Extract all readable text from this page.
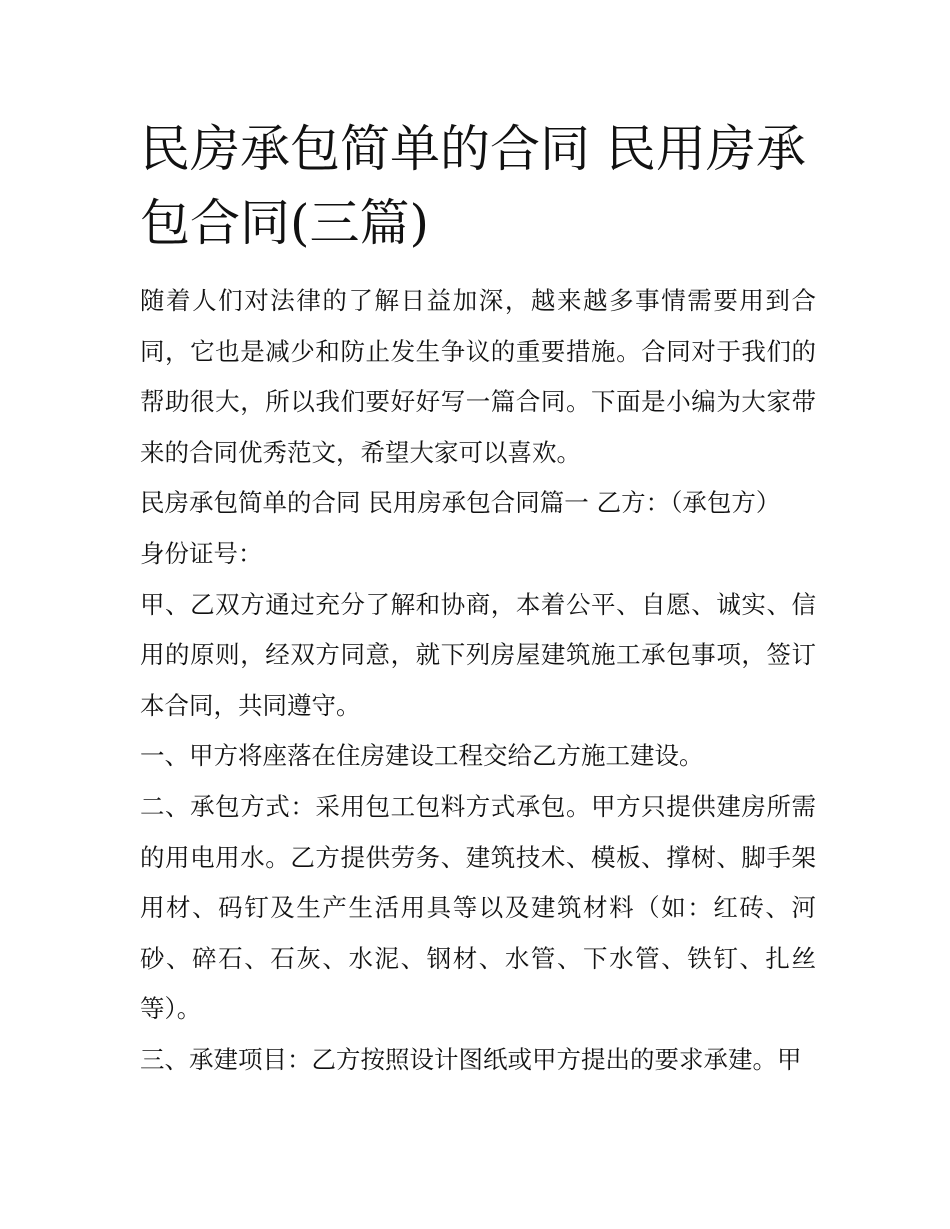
民房承包简单的合同 民用房承包合同(三篇)

随着人们对法律的了解日益加深，越来越多事情需要用到合同，它也是减少和防止发生争议的重要措施。合同对于我们的帮助很大，所以我们要好好写一篇合同。下面是小编为大家带来的合同优秀范文，希望大家可以喜欢。

民房承包简单的合同 民用房承包合同篇一 乙方：（承包方）

身份证号：

甲、乙双方通过充分了解和协商，本着公平、自愿、诚实、信用的原则，经双方同意，就下列房屋建筑施工承包事项，签订本合同，共同遵守。

一、甲方将座落在住房建设工程交给乙方施工建设。

二、承包方式：采用包工包料方式承包。甲方只提供建房所需的用电用水。乙方提供劳务、建筑技术、模板、撑树、脚手架用材、码钉及生产生活用具等以及建筑材料（如：红砖、河砂、碎石、石灰、水泥、钢材、水管、下水管、铁钉、扎丝等）。

三、承建项目：乙方按照设计图纸或甲方提出的要求承建。甲
